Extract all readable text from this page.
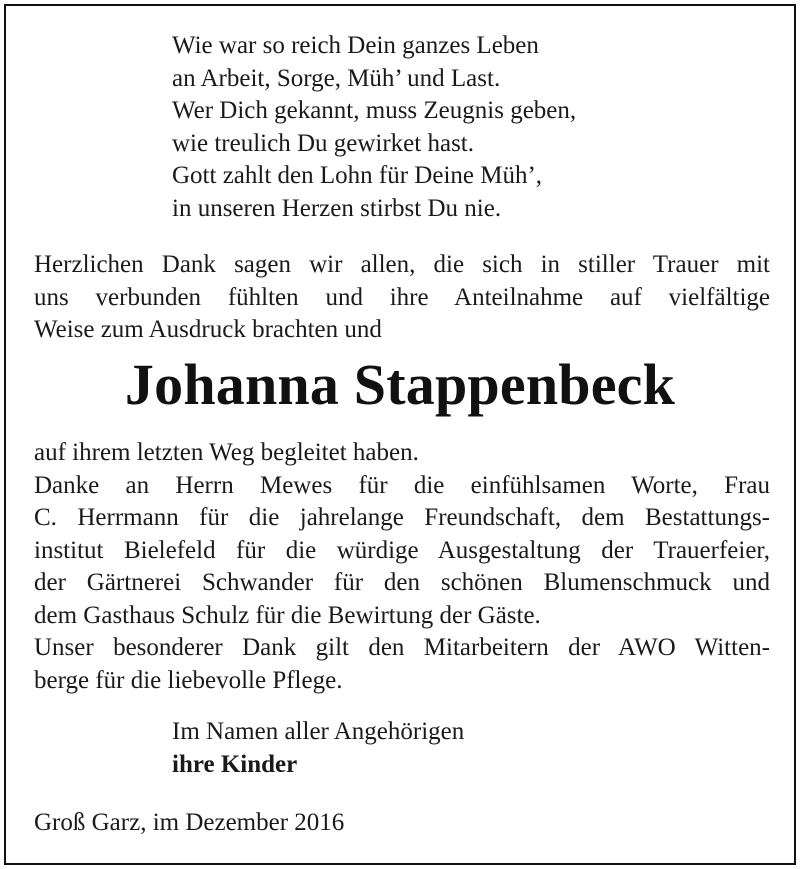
Wie war so reich Dein ganzes Leben
an Arbeit, Sorge, Müh’ und Last.
Wer Dich gekannt, muss Zeugnis geben,
wie treulich Du gewirket hast.
Gott zahlt den Lohn für Deine Müh’,
in unseren Herzen stirbst Du nie.
Herzlichen Dank sagen wir allen, die sich in stiller Trauer mit
uns verbunden fühlten und ihre Anteilnahme auf vielfältige
Weise zum Ausdruck brachten und
Johanna Stappenbeck
auf ihrem letzten Weg begleitet haben.
Danke an Herrn Mewes für die einfühlsamen Worte, Frau
C. Herrmann für die jahrelange Freundschaft, dem Bestattungs-
institut Bielefeld für die würdige Ausgestaltung der Trauerfeier,
der Gärtnerei Schwander für den schönen Blumenschmuck und
dem Gasthaus Schulz für die Bewirtung der Gäste.
Unser besonderer Dank gilt den Mitarbeitern der AWO Witten-
berge für die liebevolle Pflege.
Im Namen aller Angehörigen
ihre Kinder
Groß Garz, im Dezember 2016
